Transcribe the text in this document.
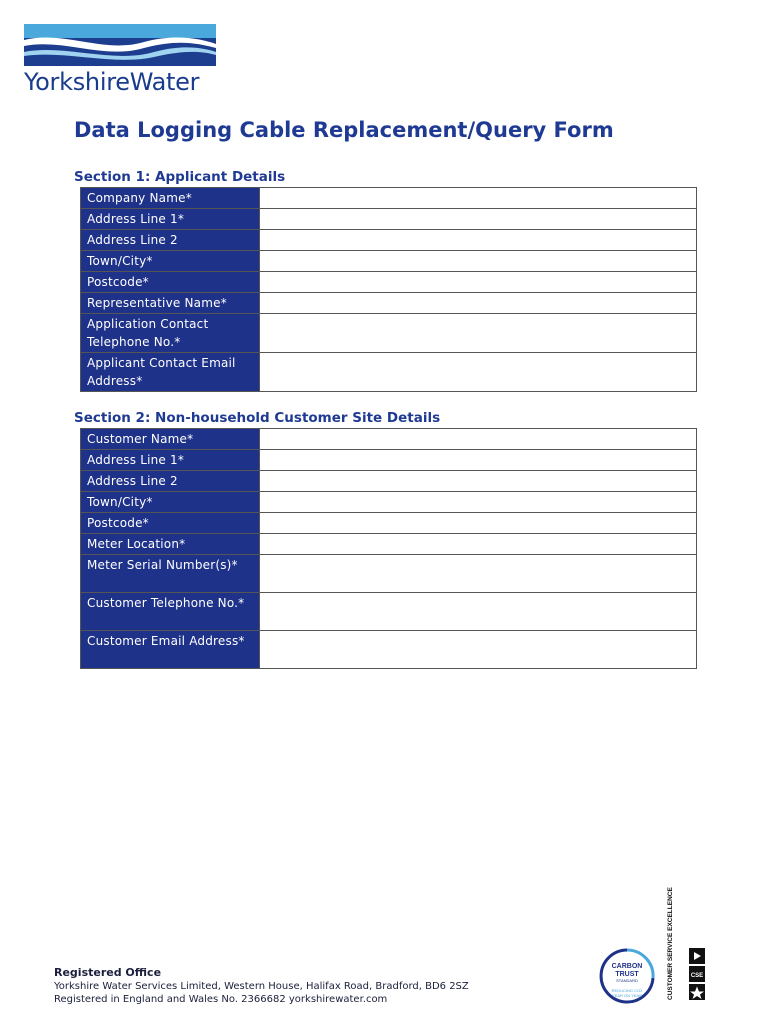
YorkshireWater
Data Logging Cable Replacement/Query Form
Section 1: Applicant Details
Company Name*	
Address Line 1*	
Address Line 2	
Town/City*	
Postcode*	
Representative Name*	
Application Contact Telephone No.*	
Applicant Contact Email Address*	
Section 2: Non-household Customer Site Details
Customer Name*	
Address Line 1*	
Address Line 2	
Town/City*	
Postcode*	
Meter Location*	
Meter Serial Number(s)*	
Customer Telephone No.*	
Customer Email Address*	
Registered Office
Yorkshire Water Services Limited, Western House, Halifax Road, Bradford, BD6 2SZ
Registered in England and Wales No. 2366682 yorkshirewater.com
CARBON
TRUST
STANDARD
REDUCING CO2
YEAR ON YEAR	CUSTOMER SERVICE EXCELLENCE	CSE
